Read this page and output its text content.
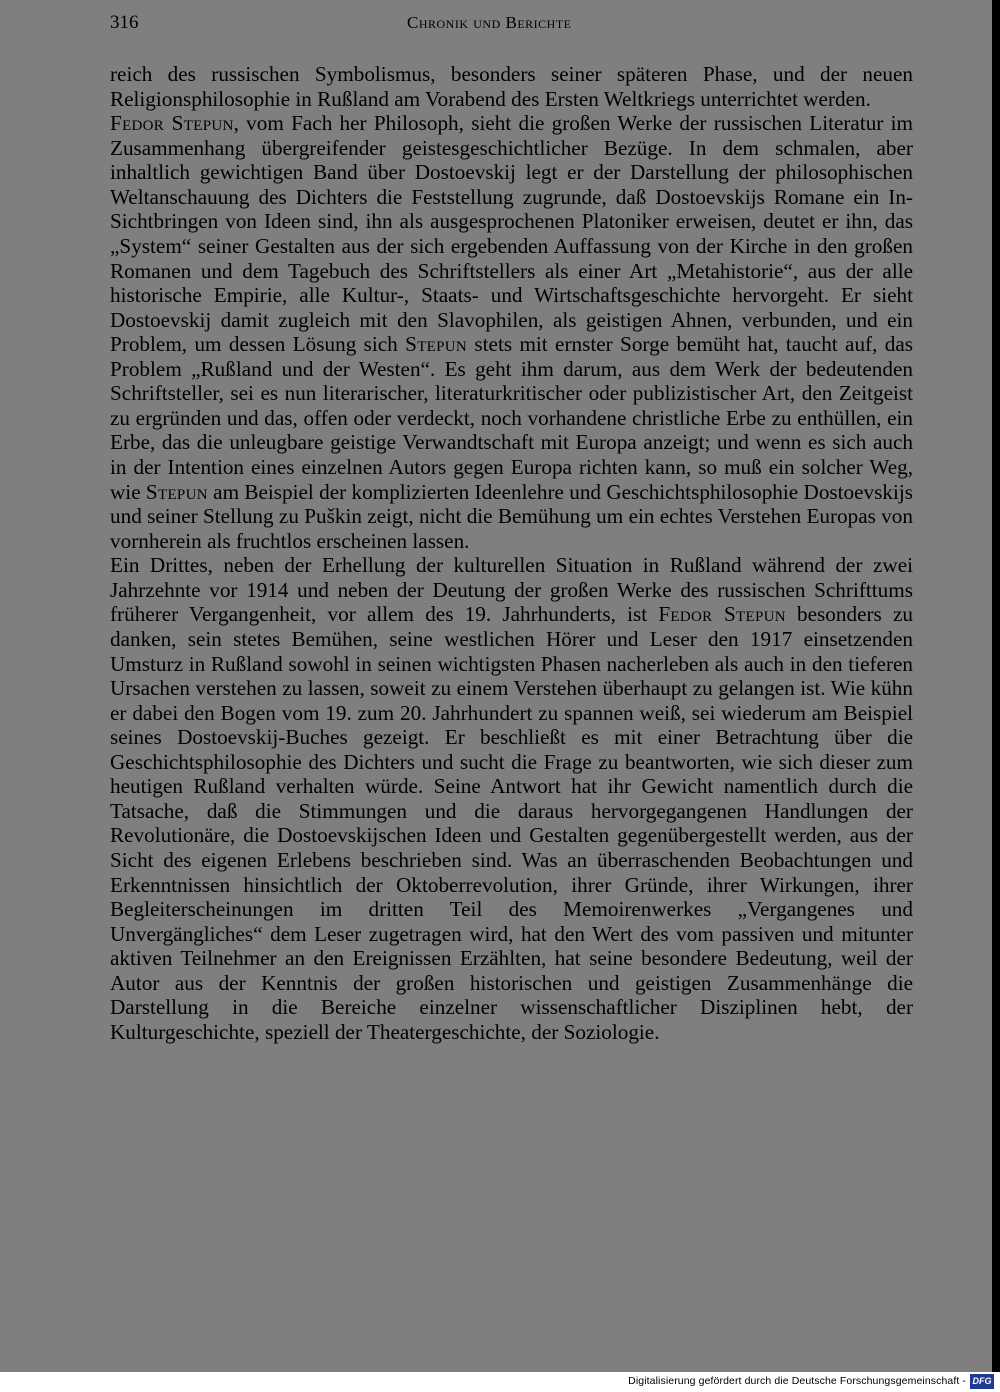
316	Chronik und Berichte

reich des russischen Symbolismus, besonders seiner späteren Phase, und der neuen Religionsphilosophie in Rußland am Vorabend des Ersten Weltkriegs unterrichtet werden.

Fedor Stepun, vom Fach her Philosoph, sieht die großen Werke der russischen Literatur im Zusammenhang übergreifender geistesgeschichtlicher Bezüge. In dem schmalen, aber inhaltlich gewichtigen Band über Dostoevskij legt er der Darstellung der philosophischen Weltanschauung des Dichters die Feststellung zugrunde, daß Dostoevskijs Romane ein In-Sichtbringen von Ideen sind, ihn als ausgesprochenen Platoniker erweisen, deutet er ihn, das „System“ seiner Gestalten aus der sich ergebenden Auffassung von der Kirche in den großen Romanen und dem Tagebuch des Schriftstellers als einer Art „Metahistorie“, aus der alle historische Empirie, alle Kultur-, Staats- und Wirtschaftsgeschichte hervorgeht. Er sieht Dostoevskij damit zugleich mit den Slavophilen, als geistigen Ahnen, verbunden, und ein Problem, um dessen Lösung sich Stepun stets mit ernster Sorge bemüht hat, taucht auf, das Problem „Rußland und der Westen“. Es geht ihm darum, aus dem Werk der bedeutenden Schriftsteller, sei es nun literarischer, literaturkritischer oder publizistischer Art, den Zeitgeist zu ergründen und das, offen oder verdeckt, noch vorhandene christliche Erbe zu enthüllen, ein Erbe, das die unleugbare geistige Verwandtschaft mit Europa anzeigt; und wenn es sich auch in der Intention eines einzelnen Autors gegen Europa richten kann, so muß ein solcher Weg, wie Stepun am Beispiel der komplizierten Ideenlehre und Geschichtsphilosophie Dostoevskijs und seiner Stellung zu Puškin zeigt, nicht die Bemühung um ein echtes Verstehen Europas von vornherein als fruchtlos erscheinen lassen.

Ein Drittes, neben der Erhellung der kulturellen Situation in Rußland während der zwei Jahrzehnte vor 1914 und neben der Deutung der großen Werke des russischen Schrifttums früherer Vergangenheit, vor allem des 19. Jahrhunderts, ist Fedor Stepun besonders zu danken, sein stetes Bemühen, seine westlichen Hörer und Leser den 1917 einsetzenden Umsturz in Rußland sowohl in seinen wichtigsten Phasen nacherleben als auch in den tieferen Ursachen verstehen zu lassen, soweit zu einem Verstehen überhaupt zu gelangen ist. Wie kühn er dabei den Bogen vom 19. zum 20. Jahrhundert zu spannen weiß, sei wiederum am Beispiel seines Dostoevskij-Buches gezeigt. Er beschließt es mit einer Betrachtung über die Geschichtsphilosophie des Dichters und sucht die Frage zu beantworten, wie sich dieser zum heutigen Rußland verhalten würde. Seine Antwort hat ihr Gewicht namentlich durch die Tatsache, daß die Stimmungen und die daraus hervorgegangenen Handlungen der Revolutionäre, die Dostoevskijschen Ideen und Gestalten gegenübergestellt werden, aus der Sicht des eigenen Erlebens beschrieben sind. Was an überraschenden Beobachtungen und Erkenntnissen hinsichtlich der Oktoberrevolution, ihrer Gründe, ihrer Wirkungen, ihrer Begleiterscheinungen im dritten Teil des Memoirenwerkes „Vergangenes und Unvergängliches“ dem Leser zugetragen wird, hat den Wert des vom passiven und mitunter aktiven Teilnehmer an den Ereignissen Erzählten, hat seine besondere Bedeutung, weil der Autor aus der Kenntnis der großen historischen und geistigen Zusammenhänge die Darstellung in die Bereiche einzelner wissenschaftlicher Disziplinen hebt, der Kulturgeschichte, speziell der Theatergeschichte, der Soziologie.

Digitalisierung gefördert durch die Deutsche Forschungsgemeinschaft - DFG
